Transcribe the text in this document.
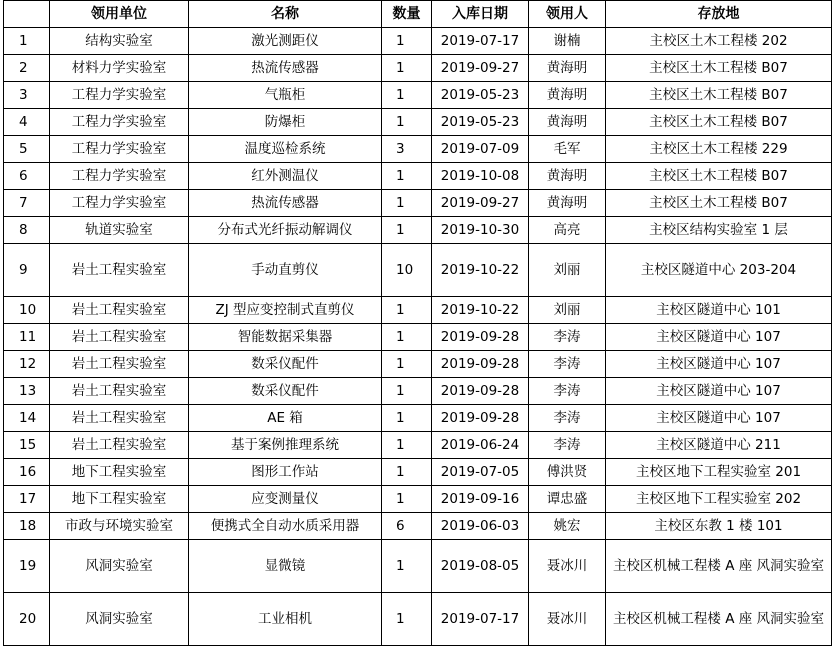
	领用单位	名称	数量	入库日期	领用人	存放地
1	结构实验室	激光测距仪	1	2019-07-17	谢楠	主校区土木工程楼 202
2	材料力学实验室	热流传感器	1	2019-09-27	黄海明	主校区土木工程楼 B07
3	工程力学实验室	气瓶柜	1	2019-05-23	黄海明	主校区土木工程楼 B07
4	工程力学实验室	防爆柜	1	2019-05-23	黄海明	主校区土木工程楼 B07
5	工程力学实验室	温度巡检系统	3	2019-07-09	毛军	主校区土木工程楼 229
6	工程力学实验室	红外测温仪	1	2019-10-08	黄海明	主校区土木工程楼 B07
7	工程力学实验室	热流传感器	1	2019-09-27	黄海明	主校区土木工程楼 B07
8	轨道实验室	分布式光纤振动解调仪	1	2019-10-30	高亮	主校区结构实验室 1 层
9	岩土工程实验室	手动直剪仪	10	2019-10-22	刘丽	主校区隧道中心 203-204
10	岩土工程实验室	ZJ 型应变控制式直剪仪	1	2019-10-22	刘丽	主校区隧道中心 101
11	岩土工程实验室	智能数据采集器	1	2019-09-28	李涛	主校区隧道中心 107
12	岩土工程实验室	数采仪配件	1	2019-09-28	李涛	主校区隧道中心 107
13	岩土工程实验室	数采仪配件	1	2019-09-28	李涛	主校区隧道中心 107
14	岩土工程实验室	AE 箱	1	2019-09-28	李涛	主校区隧道中心 107
15	岩土工程实验室	基于案例推理系统	1	2019-06-24	李涛	主校区隧道中心 211
16	地下工程实验室	图形工作站	1	2019-07-05	傅洪贤	主校区地下工程实验室 201
17	地下工程实验室	应变测量仪	1	2019-09-16	谭忠盛	主校区地下工程实验室 202
18	市政与环境实验室	便携式全自动水质采用器	6	2019-06-03	姚宏	主校区东教 1 楼 101
19	风洞实验室	显微镜	1	2019-08-05	聂冰川	主校区机械工程楼 A 座 风洞实验室
20	风洞实验室	工业相机	1	2019-07-17	聂冰川	主校区机械工程楼 A 座 风洞实验室
